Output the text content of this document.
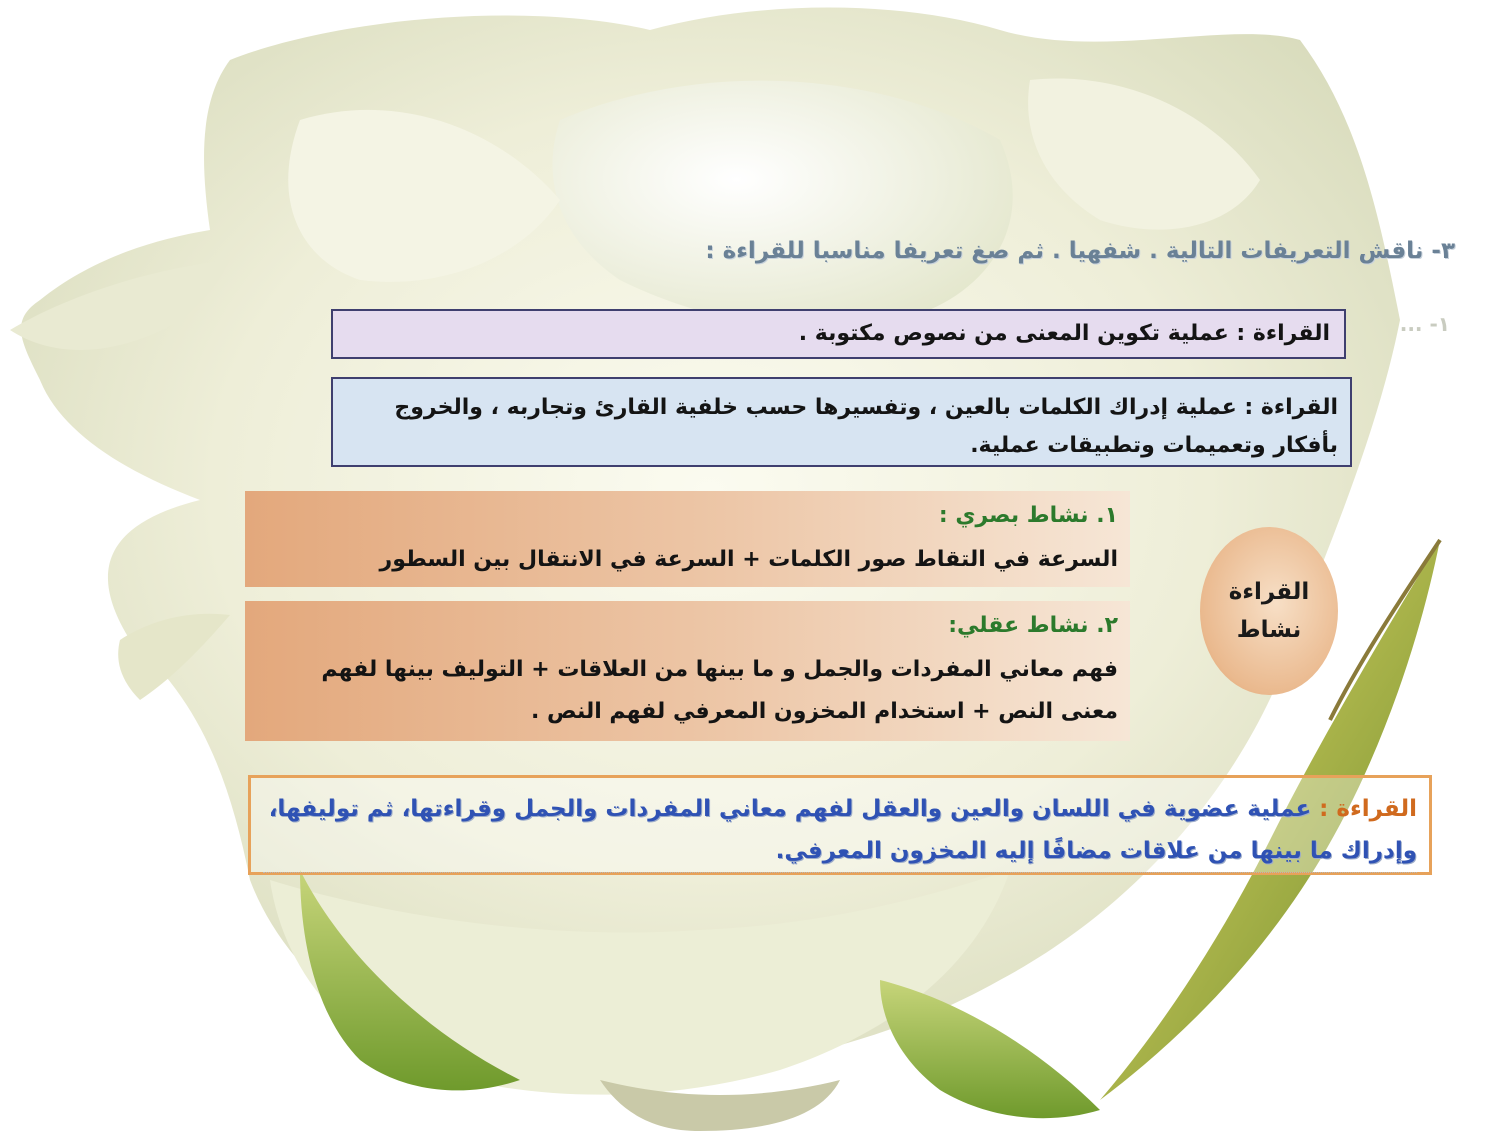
٣- ناقش التعريفات التالية . شفهيا . ثم صغ تعريفا مناسبا للقراءة :
١- ...
القراءة : عملية تكوين المعنى من نصوص مكتوبة .
القراءة : عملية إدراك الكلمات بالعين ، وتفسيرها حسب خلفية القارئ وتجاربه ، والخروج بأفكار وتعميمات وتطبيقات عملية.
١. نشاط بصري :
السرعة في التقاط صور الكلمات + السرعة في الانتقال بين السطور
٢. نشاط عقلي:
فهم معاني المفردات والجمل و ما بينها من العلاقات + التوليف بينها لفهم معنى النص + استخدام المخزون المعرفي لفهم النص .
القراءة
نشاط
القراءة : عملية عضوية في اللسان والعين والعقل لفهم معاني المفردات والجمل وقراءتها، ثم توليفها، وإدراك ما بينها من علاقات مضافًا إليه المخزون المعرفي.
